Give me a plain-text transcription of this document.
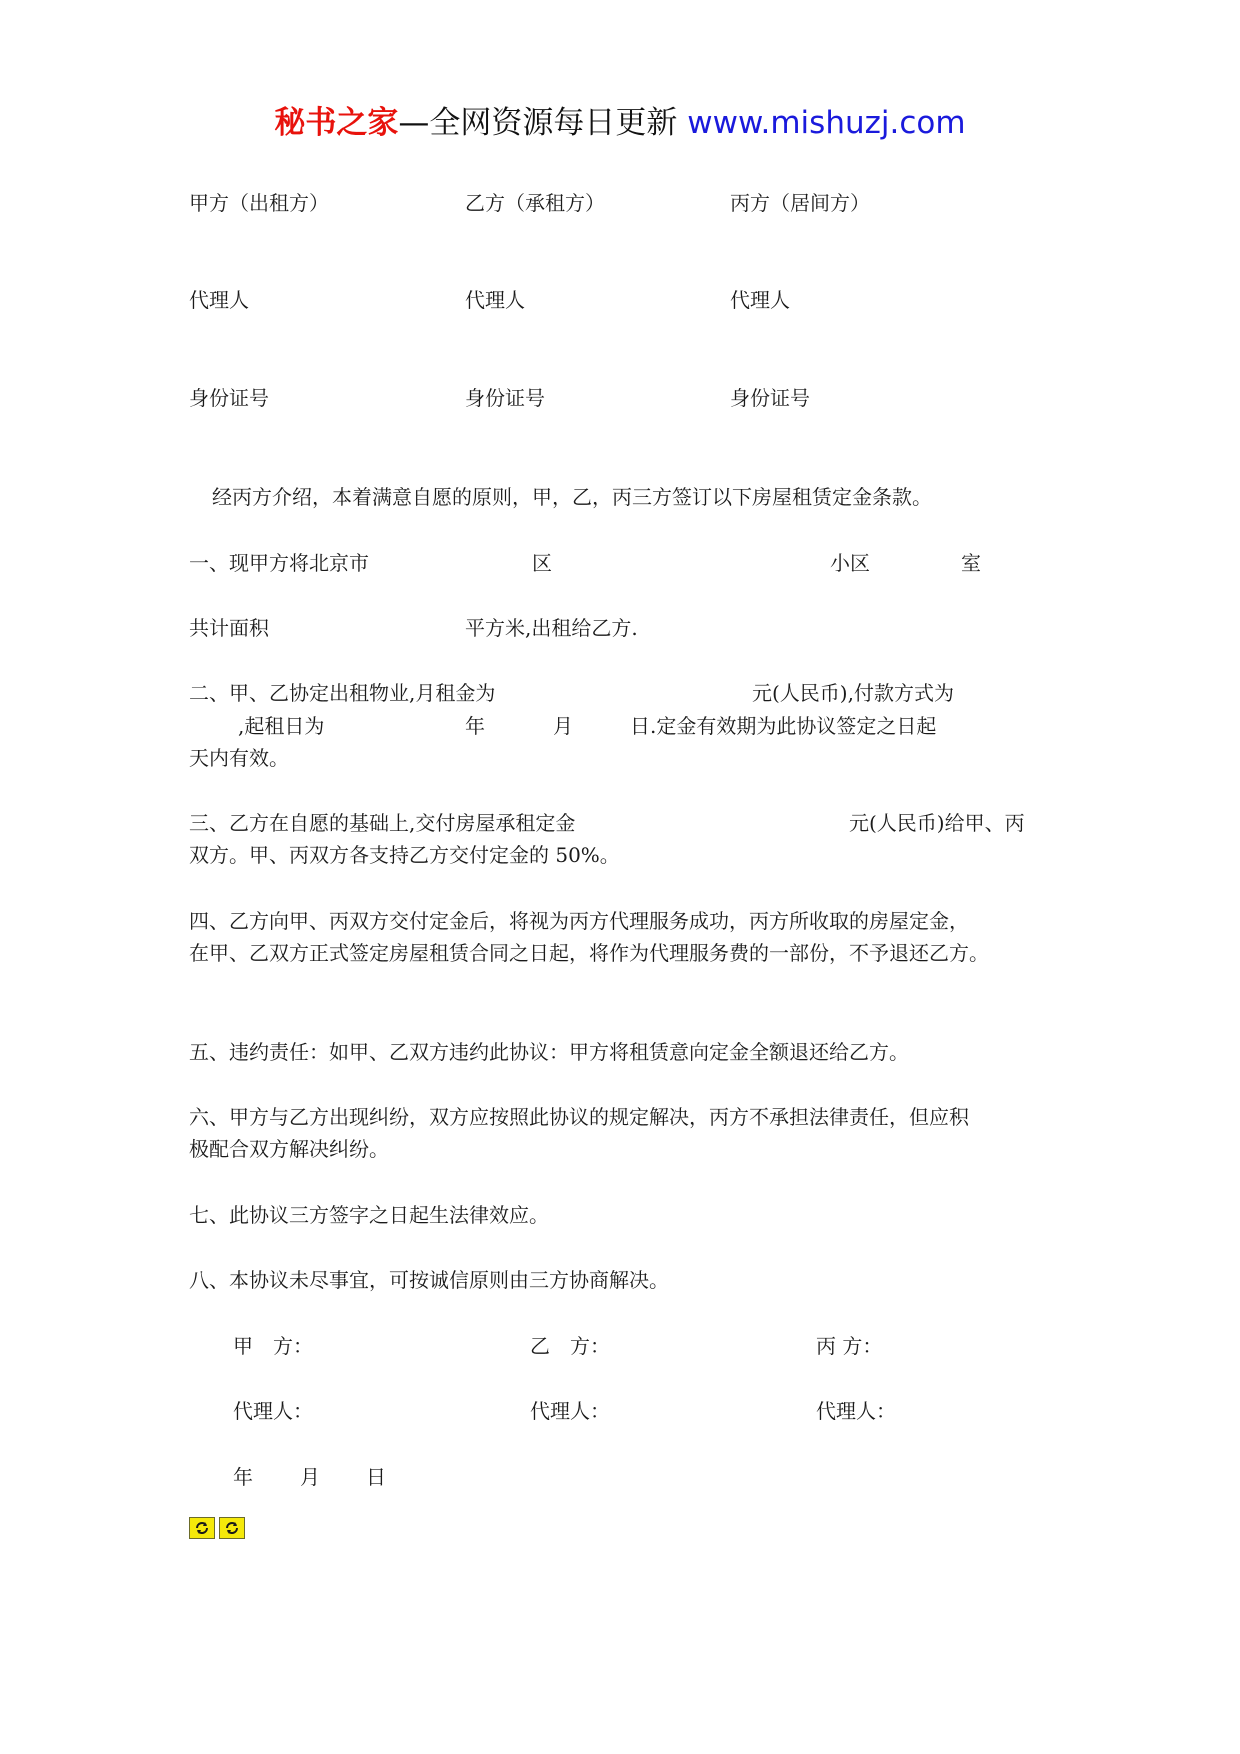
秘书之家—全网资源每日更新 www.mishuzj.com
甲方（出租方）	乙方（承租方）	丙方（居间方）
代理人	代理人	代理人
身份证号	身份证号	身份证号
经丙方介绍，本着满意自愿的原则，甲，乙，丙三方签订以下房屋租赁定金条款。
一、现甲方将北京市	区	小区	室
共计面积	平方米,出租给乙方.
二、甲、乙协定出租物业,月租金为	元(人民币),付款方式为
,起租日为	年	月	日.定金有效期为此协议签定之日起
天内有效。
三、乙方在自愿的基础上,交付房屋承租定金	元(人民币)给甲、丙
双方。甲、丙双方各支持乙方交付定金的 50%。
四、乙方向甲、丙双方交付定金后，将视为丙方代理服务成功，丙方所收取的房屋定金，
在甲、乙双方正式签定房屋租赁合同之日起，将作为代理服务费的一部份，不予退还乙方。
五、违约责任：如甲、乙双方违约此协议：甲方将租赁意向定金全额退还给乙方。
六、甲方与乙方出现纠纷，双方应按照此协议的规定解决，丙方不承担法律责任，但应积
极配合双方解决纠纷。
七、此协议三方签字之日起生法律效应。
八、本协议未尽事宜，可按诚信原则由三方协商解决。
甲　方：	乙　方：	丙 方：
代理人：	代理人：	代理人：
年 月 日
